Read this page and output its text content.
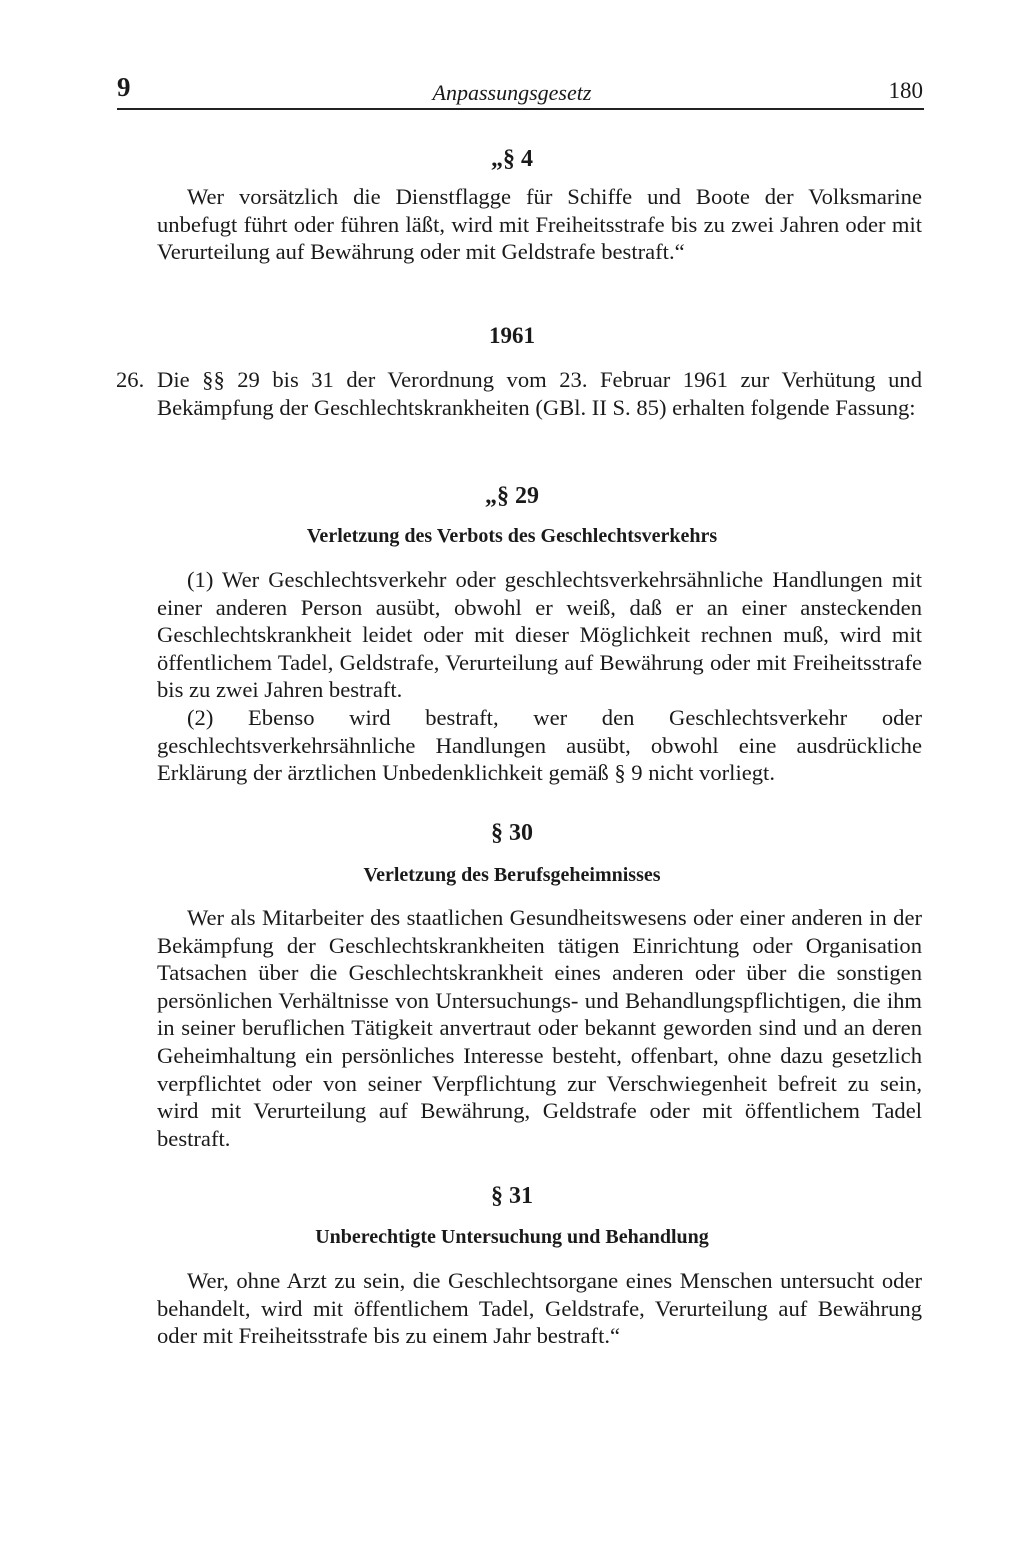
9	Anpassungsgesetz	180
„§ 4

Wer vorsätzlich die Dienstflagge für Schiffe und Boote der Volksmarine unbefugt führt oder führen läßt, wird mit Freiheitsstrafe bis zu zwei Jahren oder mit Verurteilung auf Bewährung oder mit Geldstrafe bestraft.“

1961
26. Die §§ 29 bis 31 der Verordnung vom 23. Februar 1961 zur Verhütung und Bekämpfung der Geschlechtskrankheiten (GBl. II S. 85) erhalten folgende Fassung:

„§ 29
Verletzung des Verbots des Geschlechtsverkehrs

(1) Wer Geschlechtsverkehr oder geschlechtsverkehrsähnliche Handlungen mit einer anderen Person ausübt, obwohl er weiß, daß er an einer ansteckenden Geschlechtskrankheit leidet oder mit dieser Möglichkeit rechnen muß, wird mit öffentlichem Tadel, Geldstrafe, Verurteilung auf Bewährung oder mit Freiheitsstrafe bis zu zwei Jahren bestraft.

(2) Ebenso wird bestraft, wer den Geschlechtsverkehr oder geschlechtsverkehrsähnliche Handlungen ausübt, obwohl eine ausdrückliche Erklärung der ärztlichen Unbedenklichkeit gemäß § 9 nicht vorliegt.

§ 30
Verletzung des Berufsgeheimnisses

Wer als Mitarbeiter des staatlichen Gesundheitswesens oder einer anderen in der Bekämpfung der Geschlechtskrankheiten tätigen Einrichtung oder Organisation Tatsachen über die Geschlechtskrankheit eines anderen oder über die sonstigen persönlichen Verhältnisse von Untersuchungs- und Behandlungspflichtigen, die ihm in seiner beruflichen Tätigkeit anvertraut oder bekannt geworden sind und an deren Geheimhaltung ein persönliches Interesse besteht, offenbart, ohne dazu gesetzlich verpflichtet oder von seiner Verpflichtung zur Verschwiegenheit befreit zu sein, wird mit Verurteilung auf Bewährung, Geldstrafe oder mit öffentlichem Tadel bestraft.

§ 31
Unberechtigte Untersuchung und Behandlung

Wer, ohne Arzt zu sein, die Geschlechtsorgane eines Menschen untersucht oder behandelt, wird mit öffentlichem Tadel, Geldstrafe, Verurteilung auf Bewährung oder mit Freiheitsstrafe bis zu einem Jahr bestraft.“
